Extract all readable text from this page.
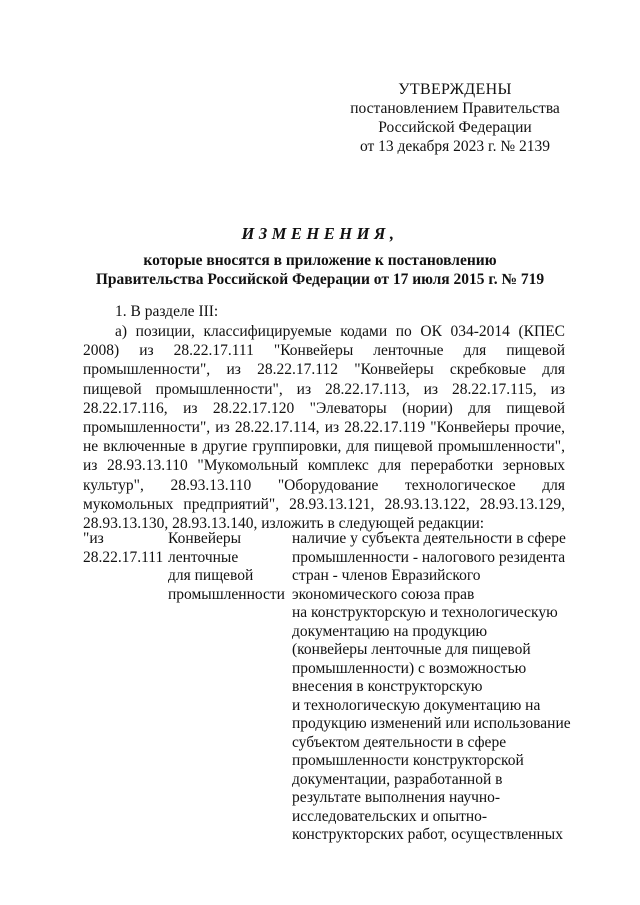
УТВЕРЖДЕНЫ
постановлением Правительства
Российской Федерации
от 13 декабря 2023 г. № 2139
ИЗМЕНЕНИЯ,
которые вносятся в приложение к постановлению
Правительства Российской Федерации от 17 июля 2015 г. № 719
1. В разделе III:
а) позиции, классифицируемые кодами по ОК 034-2014 (КПЕС 2008) из 28.22.17.111 "Конвейеры ленточные для пищевой промышленности", из 28.22.17.112 "Конвейеры скребковые для пищевой промышленности", из 28.22.17.113, из 28.22.17.115, из 28.22.17.116, из 28.22.17.120 "Элеваторы (нории) для пищевой промышленности", из 28.22.17.114, из 28.22.17.119 "Конвейеры прочие, не включенные в другие группировки, для пищевой промышленности", из 28.93.13.110 "Мукомольный комплекс для переработки зерновых культур", 28.93.13.110 "Оборудование технологическое для мукомольных предприятий", 28.93.13.121, 28.93.13.122, 28.93.13.129, 28.93.13.130, 28.93.13.140, изложить в следующей редакции:
"из
28.22.17.111
Конвейеры
ленточные
для пищевой
промышленности
наличие у субъекта деятельности в сфере
промышленности - налогового резидента
стран - членов Евразийского
экономического союза прав
на конструкторскую и технологическую
документацию на продукцию
(конвейеры ленточные для пищевой
промышленности) с возможностью
внесения в конструкторскую
и технологическую документацию на
продукцию изменений или использование
субъектом деятельности в сфере
промышленности конструкторской
документации, разработанной в
результате выполнения научно-
исследовательских и опытно-
конструкторских работ, осуществленных
